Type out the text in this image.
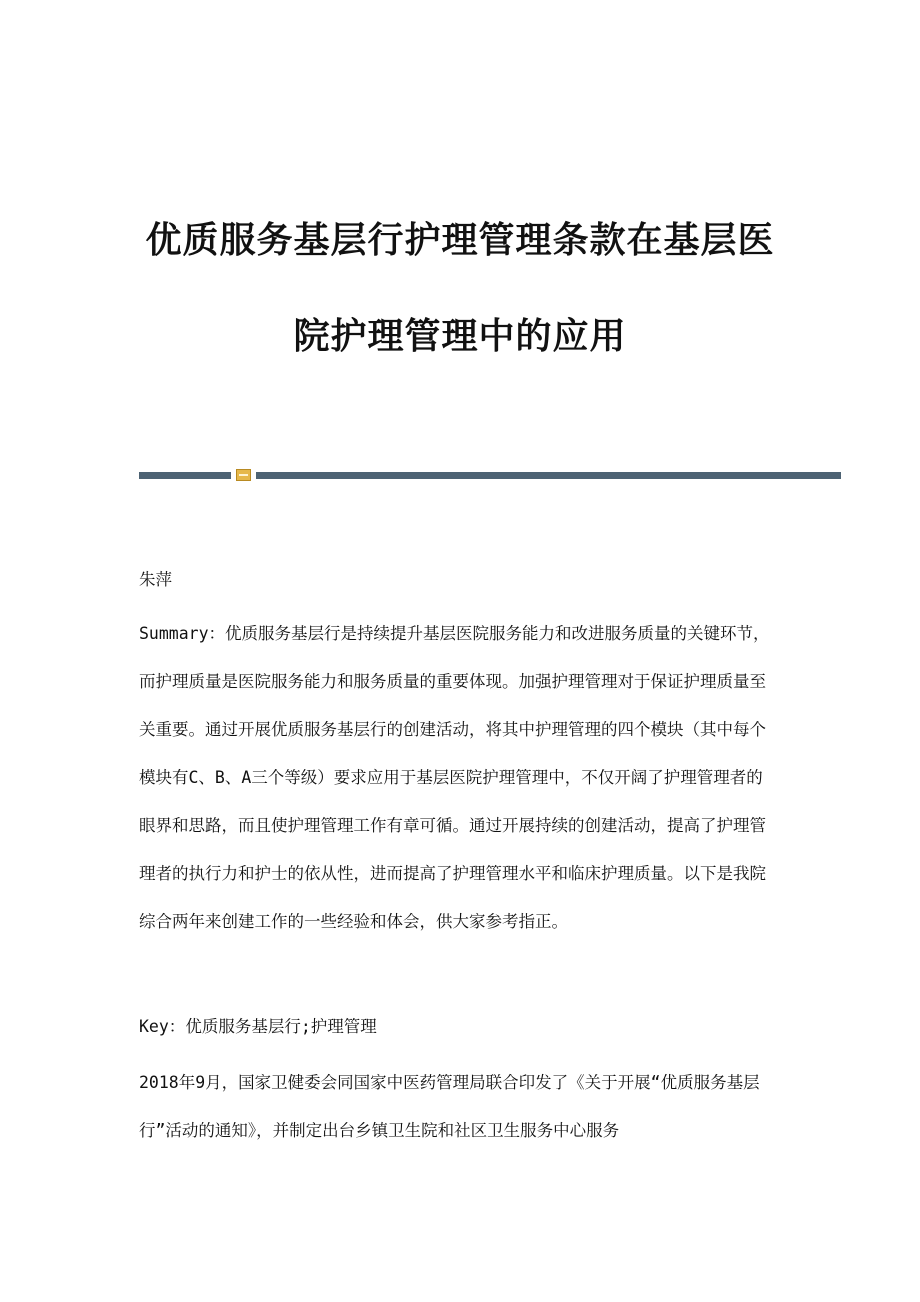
优质服务基层行护理管理条款在基层医
院护理管理中的应用

朱萍

Summary：优质服务基层行是持续提升基层医院服务能力和改进服务质量的关键环节，而护理质量是医院服务能力和服务质量的重要体现。加强护理管理对于保证护理质量至关重要。通过开展优质服务基层行的创建活动，将其中护理管理的四个模块（其中每个模块有C、B、A三个等级）要求应用于基层医院护理管理中，不仅开阔了护理管理者的眼界和思路，而且使护理管理工作有章可循。通过开展持续的创建活动，提高了护理管理者的执行力和护士的依从性，进而提高了护理管理水平和临床护理质量。以下是我院综合两年来创建工作的一些经验和体会，供大家参考指正。

Key：优质服务基层行;护理管理

2018年9月，国家卫健委会同国家中医药管理局联合印发了《关于开展“优质服务基层行”活动的通知》，并制定出台乡镇卫生院和社区卫生服务中心服务
